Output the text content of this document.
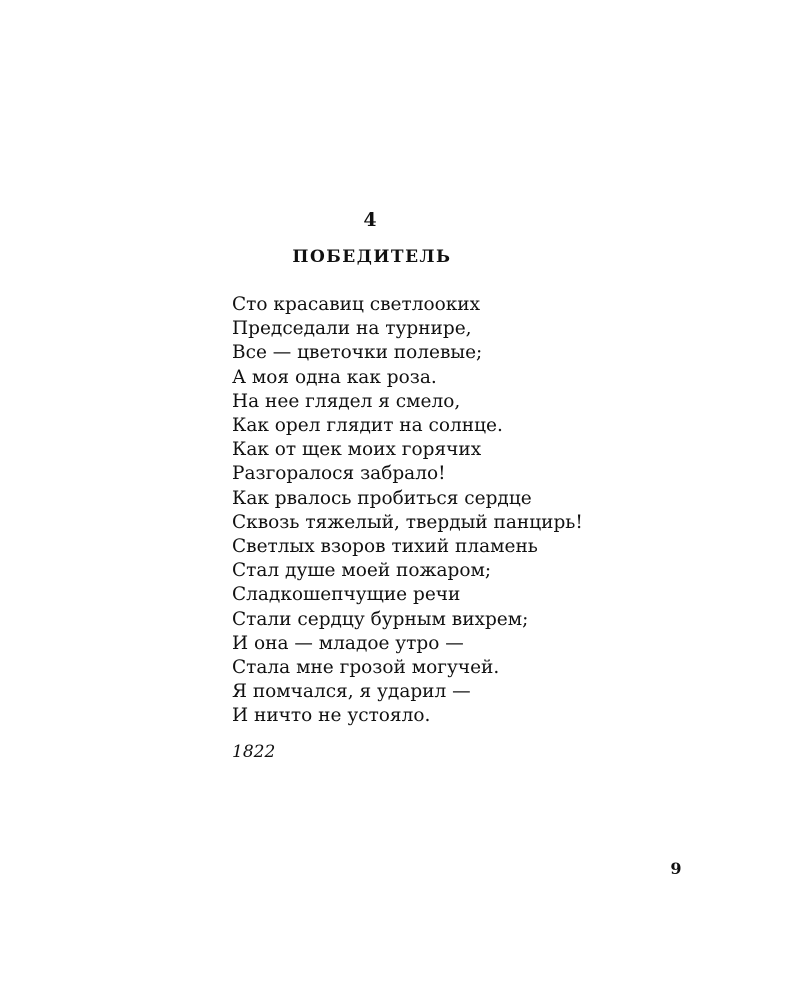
4
ПОБЕДИТЕЛЬ
Сто красавиц светлооких
Председали на турнире,
Все — цветочки полевые;
А моя одна как роза.
На нее глядел я смело,
Как орел глядит на солнце.
Как от щек моих горячих
Разгоралося забрало!
Как рвалось пробиться сердце
Сквозь тяжелый, твердый панцирь!
Светлых взоров тихий пламень
Стал душе моей пожаром;
Сладкошепчущие речи
Стали сердцу бурным вихрем;
И она — младое утро —
Стала мне грозой могучей.
Я помчался, я ударил —
И ничто не устояло.
1822
9
